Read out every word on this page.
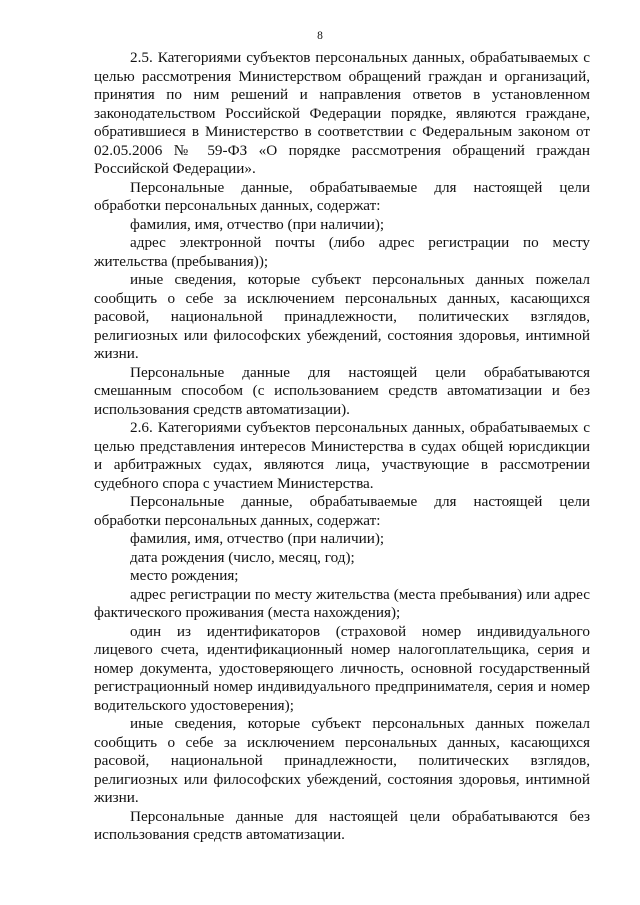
8

2.5. Категориями субъектов персональных данных, обрабатываемых с целью рассмотрения Министерством обращений граждан и организаций, принятия по ним решений и направления ответов в установленном законодательством Российской Федерации порядке, являются граждане, обратившиеся в Министерство в соответствии с Федеральным законом от 02.05.2006 № 59-ФЗ «О порядке рассмотрения обращений граждан Российской Федерации».

Персональные данные, обрабатываемые для настоящей цели обработки персональных данных, содержат:

фамилия, имя, отчество (при наличии);

адрес электронной почты (либо адрес регистрации по месту жительства (пребывания));

иные сведения, которые субъект персональных данных пожелал сообщить о себе за исключением персональных данных, касающихся расовой, национальной принадлежности, политических взглядов, религиозных или философских убеждений, состояния здоровья, интимной жизни.

Персональные данные для настоящей цели обрабатываются смешанным способом (с использованием средств автоматизации и без использования средств автоматизации).

2.6. Категориями субъектов персональных данных, обрабатываемых с целью представления интересов Министерства в судах общей юрисдикции и арбитражных судах, являются лица, участвующие в рассмотрении судебного спора с участием Министерства.

Персональные данные, обрабатываемые для настоящей цели обработки персональных данных, содержат:

фамилия, имя, отчество (при наличии);

дата рождения (число, месяц, год);

место рождения;

адрес регистрации по месту жительства (места пребывания) или адрес фактического проживания (места нахождения);

один из идентификаторов (страховой номер индивидуального лицевого счета, идентификационный номер налогоплательщика, серия и номер документа, удостоверяющего личность, основной государственный регистрационный номер индивидуального предпринимателя, серия и номер водительского удостоверения);

иные сведения, которые субъект персональных данных пожелал сообщить о себе за исключением персональных данных, касающихся расовой, национальной принадлежности, политических взглядов, религиозных или философских убеждений, состояния здоровья, интимной жизни.

Персональные данные для настоящей цели обрабатываются без использования средств автоматизации.
